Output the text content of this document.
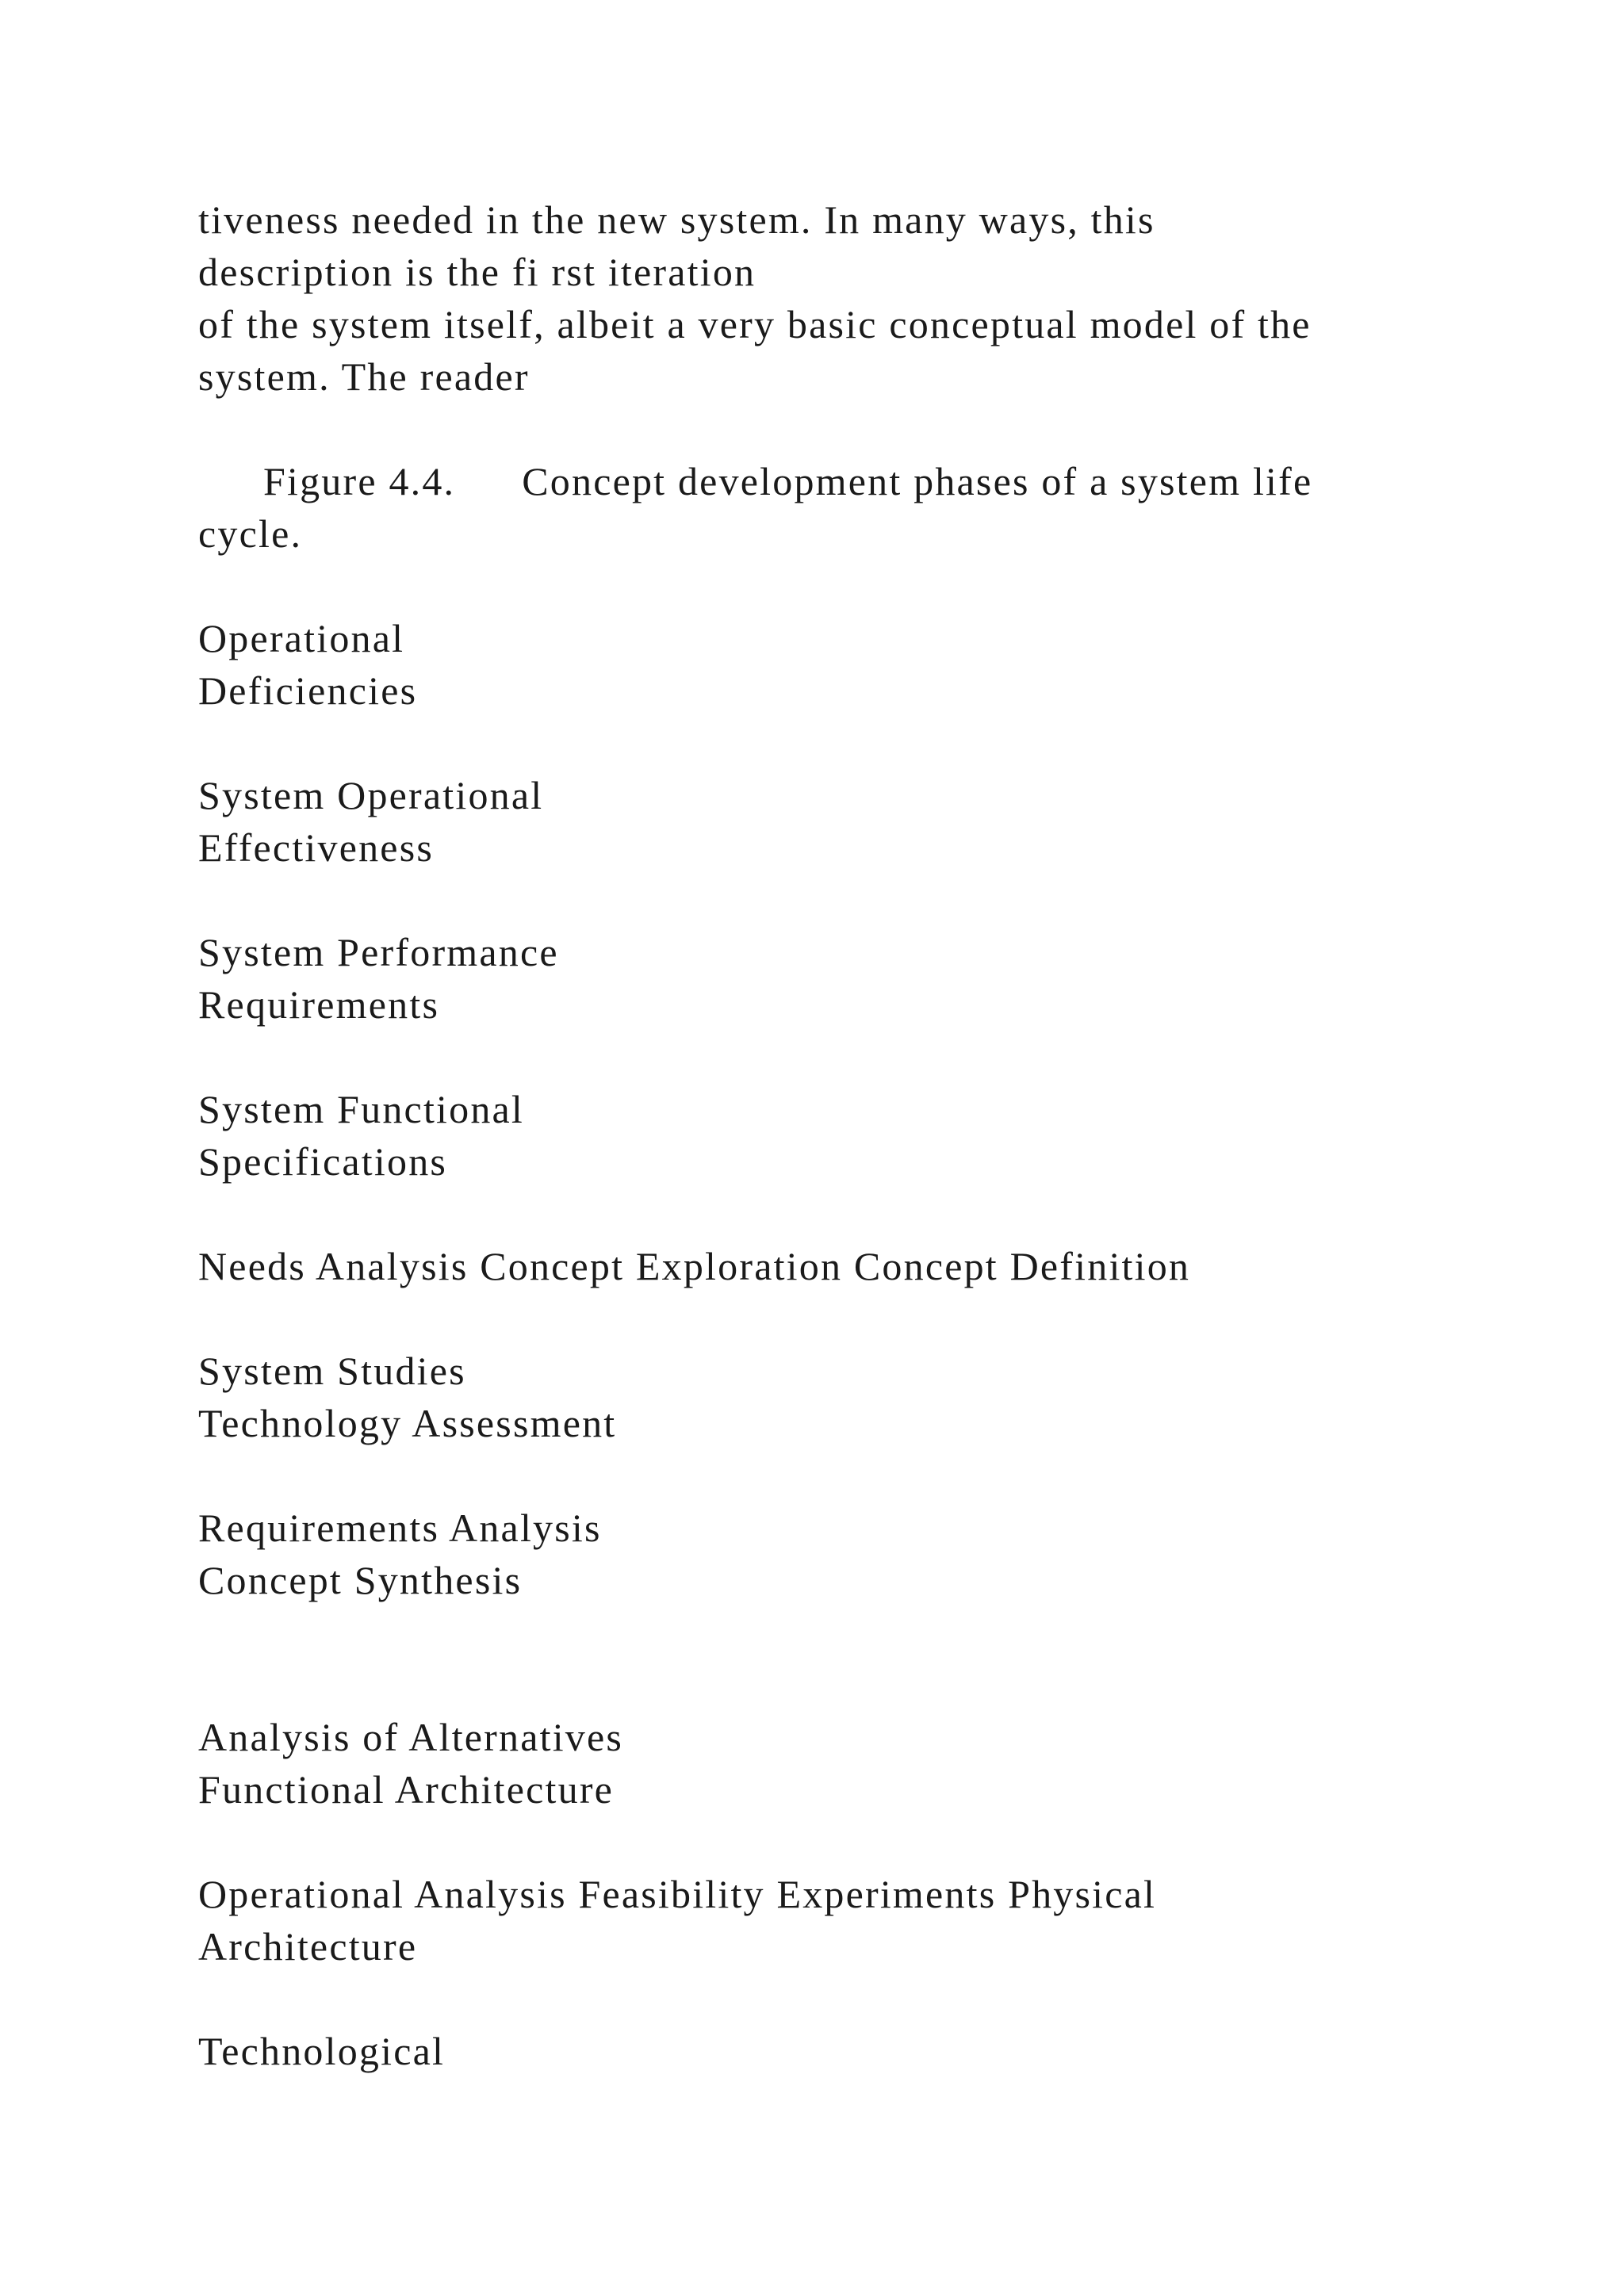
tiveness needed in the new system. In many ways, this
description is the fi rst iteration
of the system itself, albeit a very basic conceptual model of the
system. The reader
Figure 4.4. Concept development phases of a system life
cycle.
Operational
Deficiencies
System Operational
Effectiveness
System Performance
Requirements
System Functional
Specifications
Needs Analysis Concept Exploration Concept Definition
System Studies
Technology Assessment
Requirements Analysis
Concept Synthesis
Analysis of Alternatives
Functional Architecture
Operational Analysis Feasibility Experiments Physical
Architecture
Technological
